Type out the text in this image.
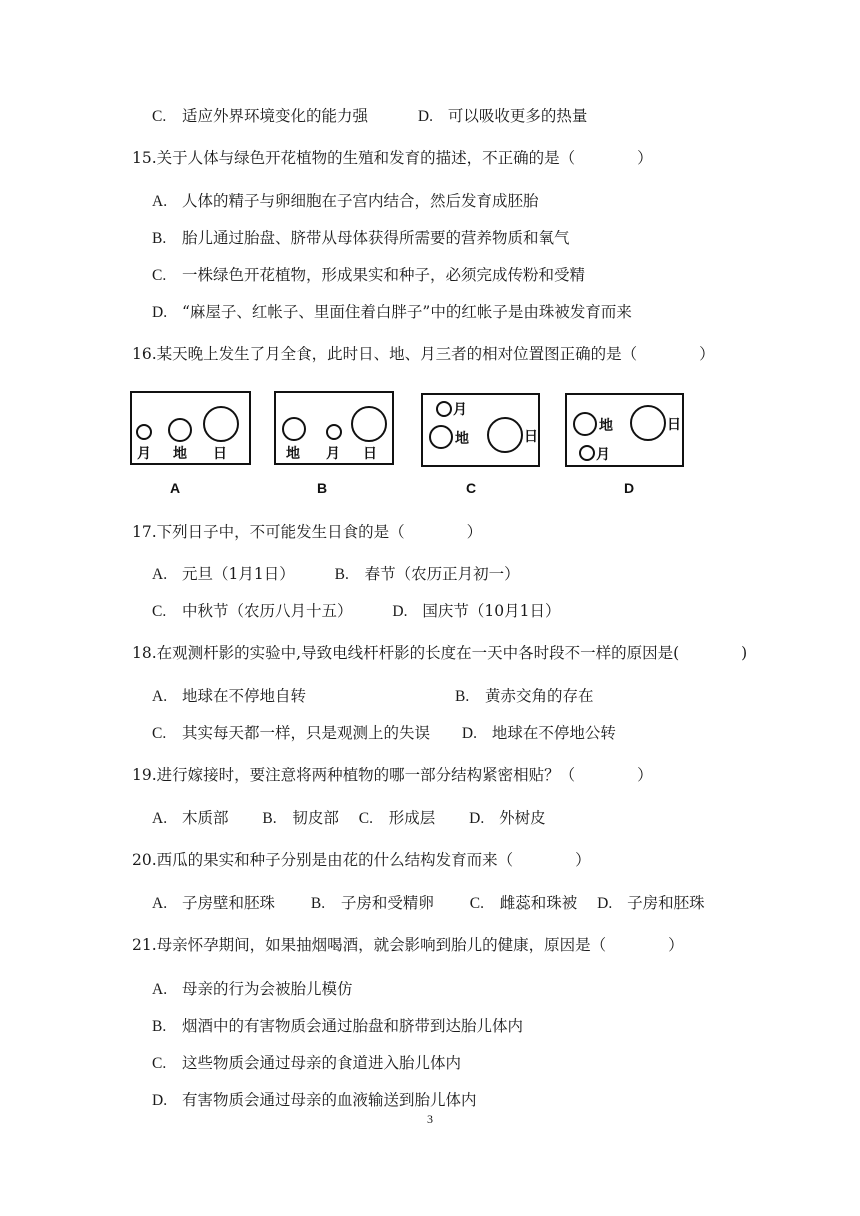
C. 适应外界环境变化的能力强	D. 可以吸收更多的热量
15.关于人体与绿色开花植物的生殖和发育的描述，不正确的是（　　　　）
A. 人体的精子与卵细胞在子宫内结合，然后发育成胚胎
B. 胎儿通过胎盘、脐带从母体获得所需要的营养物质和氧气
C. 一株绿色开花植物，形成果实和种子，必须完成传粉和受精
D. “麻屋子、红帐子、里面住着白胖子”中的红帐子是由珠被发育而来
16.某天晚上发生了月全食，此时日、地、月三者的相对位置图正确的是（　　　　）
月 地 日	地 月 日
月
地	日
地
月
日
A	B	C	D
17.下列日子中，不可能发生日食的是（　　　　）
A. 元旦（1月1日）	B. 春节（农历正月初一）
C. 中秋节（农历八月十五）	D. 国庆节（10月1日）
18.在观测杆影的实验中,导致电线杆杆影的长度在一天中各时段不一样的原因是(　　　　)
A. 地球在不停地自转	B. 黄赤交角的存在
C. 其实每天都一样，只是观测上的失误 D. 地球在不停地公转
19.进行嫁接时，要注意将两种植物的哪一部分结构紧密相贴？（　　　　）
A. 木质部 B. 韧皮部 C. 形成层 D. 外树皮
20.西瓜的果实和种子分别是由花的什么结构发育而来（　　　　）
A. 子房壁和胚珠 B. 子房和受精卵 C. 雌蕊和珠被 D. 子房和胚珠
21.母亲怀孕期间，如果抽烟喝酒，就会影响到胎儿的健康，原因是（　　　　）
A. 母亲的行为会被胎儿模仿
B. 烟酒中的有害物质会通过胎盘和脐带到达胎儿体内
C. 这些物质会通过母亲的食道进入胎儿体内
D. 有害物质会通过母亲的血液输送到胎儿体内
3
